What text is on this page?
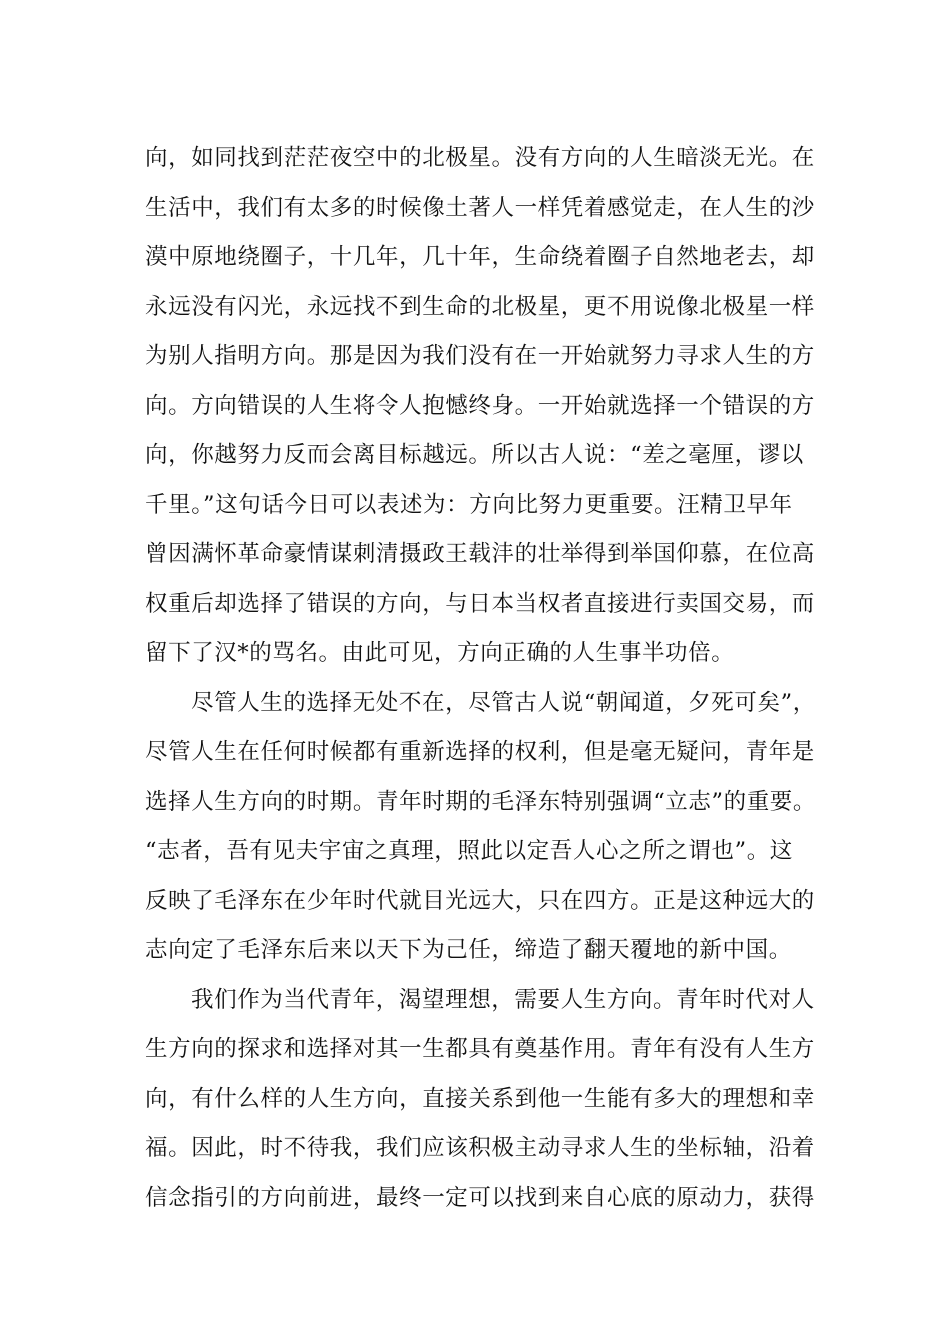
向，如同找到茫茫夜空中的北极星。没有方向的人生暗淡无光。在
生活中，我们有太多的时候像土著人一样凭着感觉走，在人生的沙
漠中原地绕圈子，十几年，几十年，生命绕着圈子自然地老去，却
永远没有闪光，永远找不到生命的北极星，更不用说像北极星一样
为别人指明方向。那是因为我们没有在一开始就努力寻求人生的方
向。方向错误的人生将令人抱憾终身。一开始就选择一个错误的方
向，你越努力反而会离目标越远。所以古人说：“差之毫厘，谬以
千里。”这句话今日可以表述为：方向比努力更重要。汪精卫早年
曾因满怀革命豪情谋刺清摄政王载沣的壮举得到举国仰慕，在位高
权重后却选择了错误的方向，与日本当权者直接进行卖国交易，而
留下了汉*的骂名。由此可见，方向正确的人生事半功倍。
尽管人生的选择无处不在，尽管古人说“朝闻道，夕死可矣”，
尽管人生在任何时候都有重新选择的权利，但是毫无疑问，青年是
选择人生方向的时期。青年时期的毛泽东特别强调“立志”的重要。
“志者，吾有见夫宇宙之真理，照此以定吾人心之所之谓也”。这
反映了毛泽东在少年时代就目光远大，只在四方。正是这种远大的
志向定了毛泽东后来以天下为己任，缔造了翻天覆地的新中国。
我们作为当代青年，渴望理想，需要人生方向。青年时代对人
生方向的探求和选择对其一生都具有奠基作用。青年有没有人生方
向，有什么样的人生方向，直接关系到他一生能有多大的理想和幸
福。因此，时不待我，我们应该积极主动寻求人生的坐标轴，沿着
信念指引的方向前进，最终一定可以找到来自心底的原动力，获得
